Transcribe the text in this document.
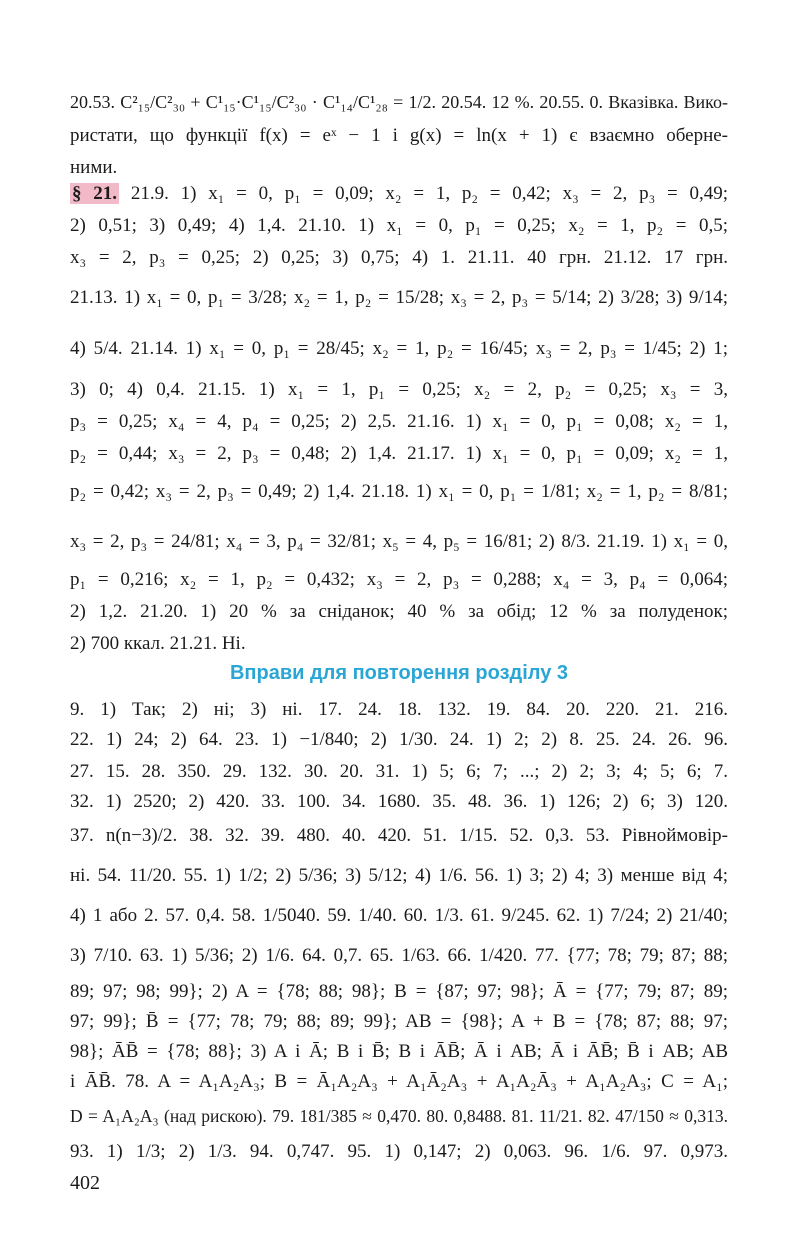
20.53. C²₁₅/C²₃₀ + C¹₁₅·C¹₁₅/C²₃₀ · C¹₁₄/C¹₂₈ = 1/2. 20.54. 12 %. 20.55. 0. Вказівка. Вико-
ристати, що функції f(x) = eˣ − 1 і g(x) = ln(x + 1) є взаємно оберне-
ними.
§ 21. 21.9. 1) x₁ = 0, p₁ = 0,09; x₂ = 1, p₂ = 0,42; x₃ = 2, p₃ = 0,49;
2) 0,51; 3) 0,49; 4) 1,4. 21.10. 1) x₁ = 0, p₁ = 0,25; x₂ = 1, p₂ = 0,5;
x₃ = 2, p₃ = 0,25; 2) 0,25; 3) 0,75; 4) 1. 21.11. 40 грн. 21.12. 17 грн.
21.13. 1) x₁ = 0, p₁ = 3/28; x₂ = 1, p₂ = 15/28; x₃ = 2, p₃ = 5/14; 2) 3/28; 3) 9/14;
4) 5/4. 21.14. 1) x₁ = 0, p₁ = 28/45; x₂ = 1, p₂ = 16/45; x₃ = 2, p₃ = 1/45; 2) 1;
3) 0; 4) 0,4. 21.15. 1) x₁ = 1, p₁ = 0,25; x₂ = 2, p₂ = 0,25; x₃ = 3,
p₃ = 0,25; x₄ = 4, p₄ = 0,25; 2) 2,5. 21.16. 1) x₁ = 0, p₁ = 0,08; x₂ = 1,
p₂ = 0,44; x₃ = 2, p₃ = 0,48; 2) 1,4. 21.17. 1) x₁ = 0, p₁ = 0,09; x₂ = 1,
p₂ = 0,42; x₃ = 2, p₃ = 0,49; 2) 1,4. 21.18. 1) x₁ = 0, p₁ = 1/81; x₂ = 1, p₂ = 8/81;
x₃ = 2, p₃ = 24/81; x₄ = 3, p₄ = 32/81; x₅ = 4, p₅ = 16/81; 2) 8/3. 21.19. 1) x₁ = 0,
p₁ = 0,216; x₂ = 1, p₂ = 0,432; x₃ = 2, p₃ = 0,288; x₄ = 3, p₄ = 0,064;
2) 1,2. 21.20. 1) 20 % за сніданок; 40 % за обід; 12 % за полуденок;
2) 700 ккал. 21.21. Ні.
Вправи для повторення розділу 3
9. 1) Так; 2) ні; 3) ні. 17. 24. 18. 132. 19. 84. 20. 220. 21. 216.
22. 1) 24; 2) 64. 23. 1) −1/840; 2) 1/30. 24. 1) 2; 2) 8. 25. 24. 26. 96.
27. 15. 28. 350. 29. 132. 30. 20. 31. 1) 5; 6; 7; ...; 2) 2; 3; 4; 5; 6; 7.
32. 1) 2520; 2) 420. 33. 100. 34. 1680. 35. 48. 36. 1) 126; 2) 6; 3) 120.
37. n(n−3)/2. 38. 32. 39. 480. 40. 420. 51. 1/15. 52. 0,3. 53. Рівноймовір-
ні. 54. 11/20. 55. 1) 1/2; 2) 5/36; 3) 5/12; 4) 1/6. 56. 1) 3; 2) 4; 3) менше від 4;
4) 1 або 2. 57. 0,4. 58. 1/5040. 59. 1/40. 60. 1/3. 61. 9/245. 62. 1) 7/24; 2) 21/40;
3) 7/10. 63. 1) 5/36; 2) 1/6. 64. 0,7. 65. 1/63. 66. 1/420. 77. {77; 78; 79; 87; 88;
89; 97; 98; 99}; 2) A = {78; 88; 98}; B = {87; 97; 98}; Ā = {77; 79; 87; 89;
97; 99}; B̄ = {77; 78; 79; 88; 89; 99}; AB = {98}; A + B = {78; 87; 88; 97;
98}; ĀB̄ = {78; 88}; 3) A і Ā; B і B̄; B і ĀB̄; Ā і AB; Ā і ĀB̄; B̄ і AB; AB
і ĀB̄. 78. A = A₁A₂A₃; B = Ā₁A₂A₃ + A₁Ā₂A₃ + A₁A₂Ā₃ + A₁A₂A₃; C = A₁;
D = A₁A₂A₃ (над рискою). 79. 181/385 ≈ 0,470. 80. 0,8488. 81. 11/21. 82. 47/150 ≈ 0,313.
93. 1) 1/3; 2) 1/3. 94. 0,747. 95. 1) 0,147; 2) 0,063. 96. 1/6. 97. 0,973.
402
